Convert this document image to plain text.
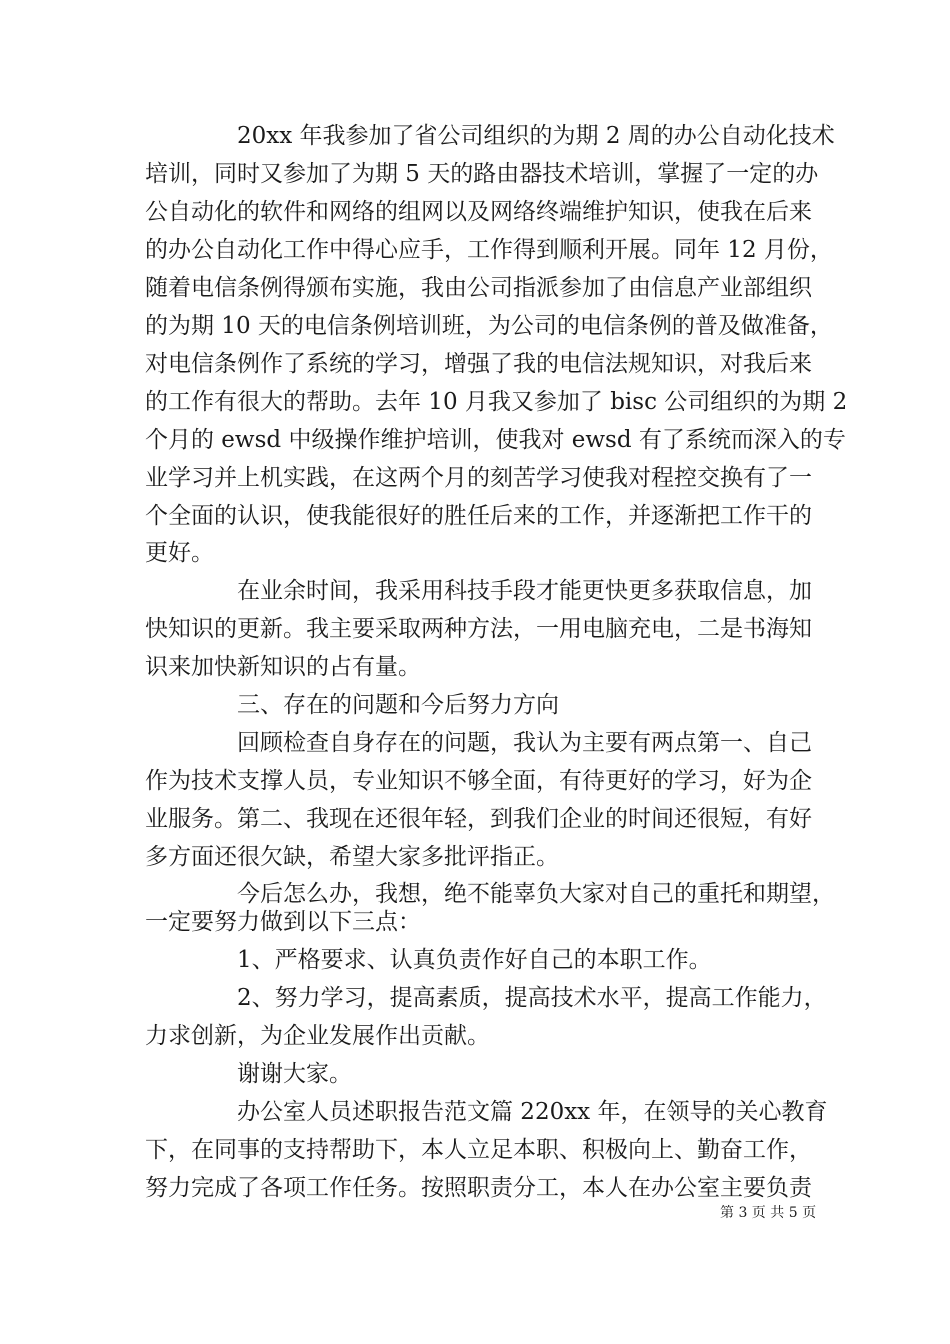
　　　　20xx 年我参加了省公司组织的为期 2 周的办公自动化技术
培训，同时又参加了为期 5 天的路由器技术培训，掌握了一定的办
公自动化的软件和网络的组网以及网络终端维护知识，使我在后来
的办公自动化工作中得心应手，工作得到顺利开展。同年 12 月份，
随着电信条例得颁布实施，我由公司指派参加了由信息产业部组织
的为期 10 天的电信条例培训班，为公司的电信条例的普及做准备，
对电信条例作了系统的学习，增强了我的电信法规知识，对我后来
的工作有很大的帮助。去年 10 月我又参加了 bisc 公司组织的为期 2
个月的 ewsd 中级操作维护培训，使我对 ewsd 有了系统而深入的专
业学习并上机实践，在这两个月的刻苦学习使我对程控交换有了一
个全面的认识，使我能很好的胜任后来的工作，并逐渐把工作干的
更好。
　　　　在业余时间，我采用科技手段才能更快更多获取信息，加
快知识的更新。我主要采取两种方法，一用电脑充电，二是书海知
识来加快新知识的占有量。
　　　　三、存在的问题和今后努力方向
　　　　回顾检查自身存在的问题，我认为主要有两点第一、自己
作为技术支撑人员，专业知识不够全面，有待更好的学习，好为企
业服务。第二、我现在还很年轻，到我们企业的时间还很短，有好
多方面还很欠缺，希望大家多批评指正。
　　　　今后怎么办，我想，绝不能辜负大家对自己的重托和期望，
一定要努力做到以下三点：
　　　　1、严格要求、认真负责作好自己的本职工作。
　　　　2、努力学习，提高素质，提高技术水平，提高工作能力，
力求创新，为企业发展作出贡献。
　　　　谢谢大家。
　　　　办公室人员述职报告范文篇 220xx 年，在领导的关心教育
下，在同事的支持帮助下，本人立足本职、积极向上、勤奋工作，
努力完成了各项工作任务。按照职责分工，本人在办公室主要负责
第 3 页 共 5 页
